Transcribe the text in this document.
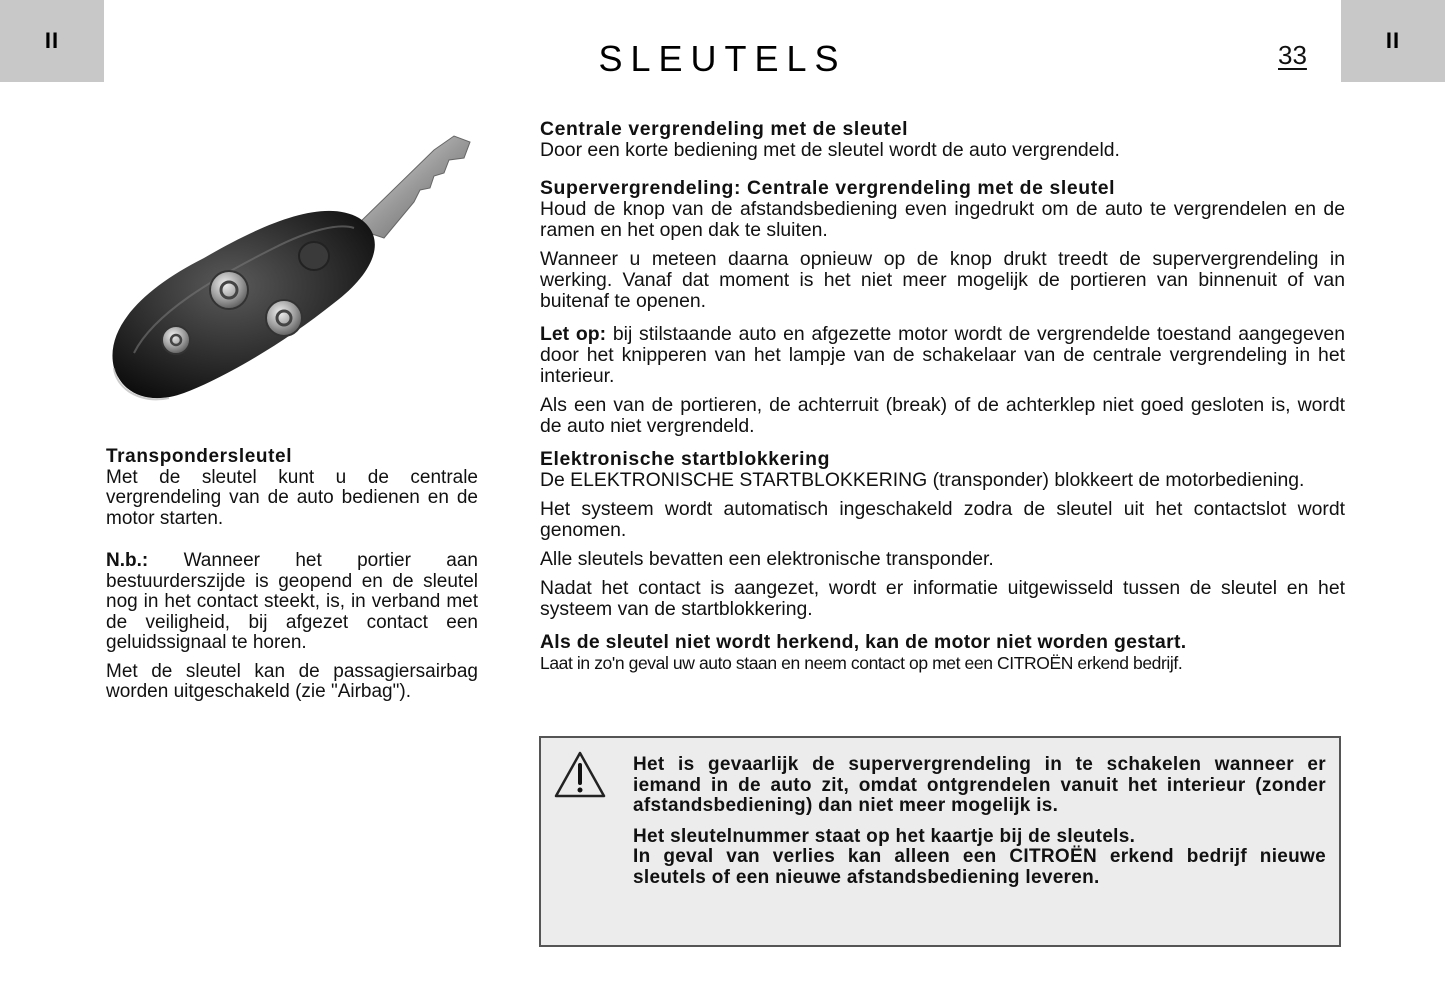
II	II
SLEUTELS	33

Transpondersleutel

Met de sleutel kunt u de centrale vergrendeling van de auto bedienen en de motor starten.

N.b.: Wanneer het portier aan bestuurderszijde is geopend en de sleutel nog in het contact steekt, is, in verband met de veiligheid, bij afgezet contact een geluidssignaal te horen.

Met de sleutel kan de passagiersairbag worden uitgeschakeld (zie "Airbag").

Centrale vergrendeling met de sleutel

Door een korte bediening met de sleutel wordt de auto vergrendeld.

Supervergrendeling: Centrale vergrendeling met de sleutel

Houd de knop van de afstandsbediening even ingedrukt om de auto te vergrendelen en de ramen en het open dak te sluiten.

Wanneer u meteen daarna opnieuw op de knop drukt treedt de supervergrendeling in werking. Vanaf dat moment is het niet meer mogelijk de portieren van binnenuit of van buitenaf te openen.

Let op: bij stilstaande auto en afgezette motor wordt de vergrendelde toestand aangegeven door het knipperen van het lampje van de schakelaar van de centrale vergrendeling in het interieur.

Als een van de portieren, de achterruit (break) of de achterklep niet goed gesloten is, wordt de auto niet vergrendeld.

Elektronische startblokkering

De ELEKTRONISCHE STARTBLOKKERING (transponder) blokkeert de motorbediening.

Het systeem wordt automatisch ingeschakeld zodra de sleutel uit het contactslot wordt genomen.

Alle sleutels bevatten een elektronische transponder.

Nadat het contact is aangezet, wordt er informatie uitgewisseld tussen de sleutel en het systeem van de startblokkering.

Als de sleutel niet wordt herkend, kan de motor niet worden gestart.

Laat in zo'n geval uw auto staan en neem contact op met een CITROËN erkend bedrijf.

Het is gevaarlijk de supervergrendeling in te schakelen wanneer er iemand in de auto zit, omdat ontgrendelen vanuit het interieur (zonder afstandsbediening) dan niet meer mogelijk is.

Het sleutelnummer staat op het kaartje bij de sleutels.

In geval van verlies kan alleen een CITROËN erkend bedrijf nieuwe sleutels of een nieuwe afstandsbediening leveren.
